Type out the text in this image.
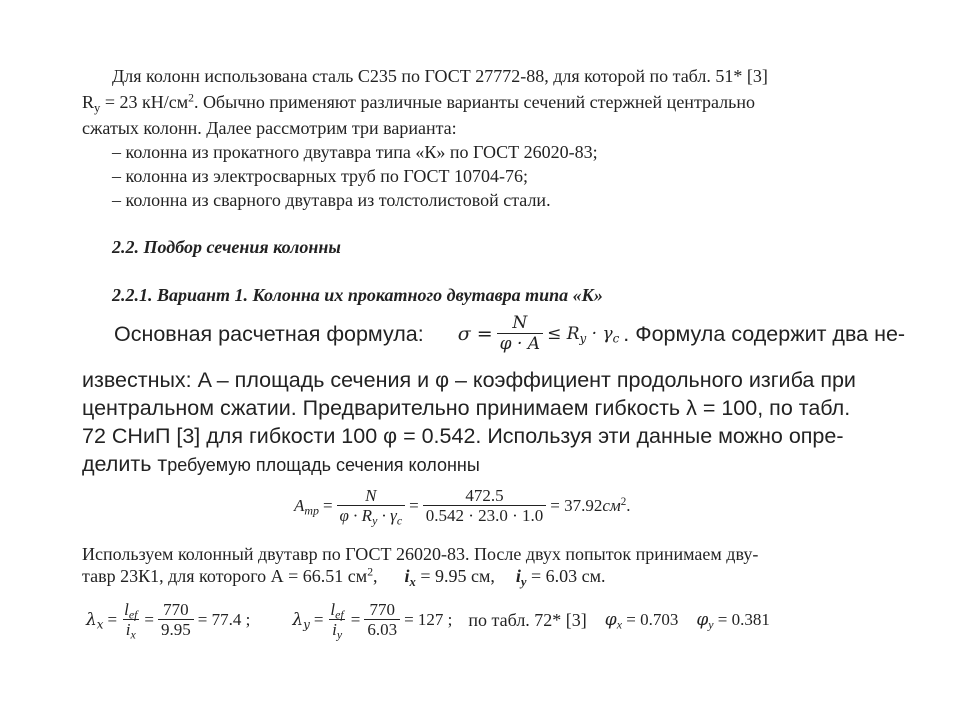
Для колонн использована сталь С235 по ГОСТ 27772-88, для которой по табл. 51* [3]
$R_y = 23$ $кН/см^2$. Обычно применяют различные варианты сечений стержней центрально
сжатых колонн. Далее рассмотрим три варианта:
– колонна из прокатного двутавра типа «К» по ГОСТ 26020-83;
– колонна из электросварных труб по ГОСТ 10704-76;
– колонна из сварного двутавра из толстолистовой стали.
2.2. Подбор сечения колонны
2.2.1. Вариант 1. Колонна их прокатного двутавра типа «К»
Основная расчетная формула: $\sigma = \frac{N}{\varphi \cdot A} \le R_y \cdot \gamma_c$ . Формула содержит два не-
известных: A – площадь сечения и φ – коэффициент продольного изгиба при
центральном сжатии. Предварительно принимаем гибкость λ = 100, по табл.
72 СНиП [3] для гибкости 100 φ = 0.542. Используя эти данные можно опре-
делить требуемую площадь сечения колонны
$A_{тр} = \frac{N}{\varphi \cdot R_y \cdot \gamma_c} = \frac{472.5}{0.542 \cdot 23.0 \cdot 1.0} = 37.92см^2$.
Используем колонный двутавр по ГОСТ 26020-83. После двух попыток принимаем дву-
тавр 23К1, для которого A = 66.51 $см^2$, $i_x = 9.95$ см, $i_y = 6.03$ см.
$\lambda_x = \frac{l_{ef}}{i_x} = \frac{770}{9.95} = 77.4$ ; $\lambda_y = \frac{l_{ef}}{i_y} = \frac{770}{6.03} = 127$ ; по табл. 72* [3] $\varphi_x = 0.703$ $\varphi_y = 0.381$
